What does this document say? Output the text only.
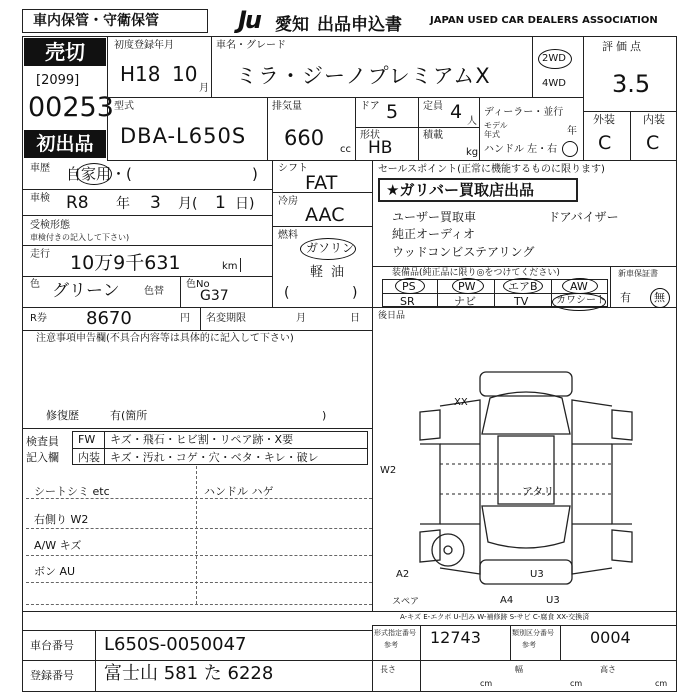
車内保管・守衛保管	Ju 愛知 出品申込書	JAPAN USED CAR DEALERS ASSOCIATION
売切
[2099]
00253
初出品
初度登録年月
H18 10
月
車名・グレード
ミラ・ジーノプレミアムX
2WD
4WD
評価点
3.5
型式
DBA-L650S
排気量
660 cc
ドア 5 定員 4 人
形状
HB
積載
kg
ディーラー・並行
モデル
年式	年
ハンドル 左・右
外装	内装
C C
車歴 自家用・(	)
車検 R8 年 3 月( 1 日)
受検形態
車検付きの記入して下さい)
走行 10万9千631	km
色 グリーン 色替
色No
G37
シフト
FAT
冷房
AAC
燃料
ガソリン
軽油
(	)
セールスポイント(正常に機能するものに限ります)
★ガリバー買取店出品
ユーザー買取車
純正オーディオ
ウッドコンビステアリング
ドアバイザー
装備品(純正品に限り◎をつけてください)
PS	PW	エアB	AW
SR	ナビ	TV	カワシート
新車保証書
有 無
R券 8670	円 名変期限	月	日 後日品
注意事項申告欄(不具合内容等は具体的に記入して下さい)
修復歴	有(箇所	)
検査員
記入欄
FW キズ・飛石・ヒビ割・リペア跡・X要
内装 キズ・汚れ・コゲ・穴・ベタ・キレ・破レ
シートシミ etc	ハンドル ハゲ
右側り W2
A/W キズ
ボン AU
XX
アタリ
W2
A2	U3
A4	U3
スペア
A-キズ E-エクボ U-凹み W-補修跡 S-サビ C-腐食 XX-交換済
車台番号 L650S-0050047
登録番号 富士山 581 た 6228
形式指定番号
参考 12743	類別区分番号
参考	0004
長さ
cm
幅
cm
高さ
cm
